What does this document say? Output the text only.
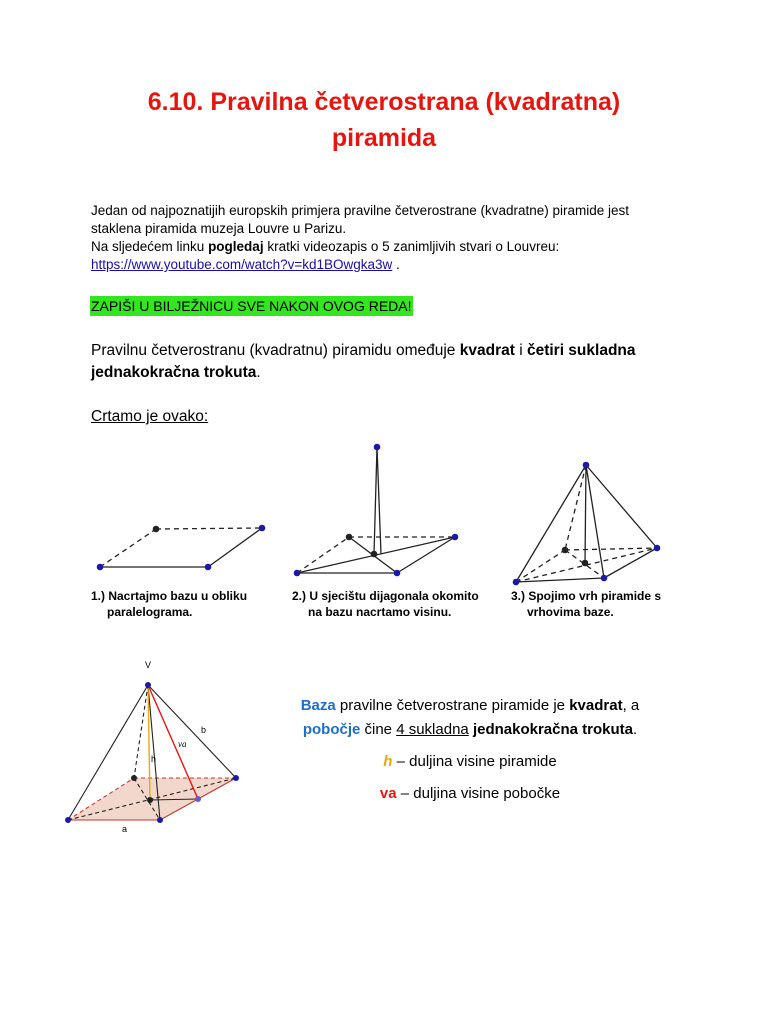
6.10. Pravilna četverostrana (kvadratna)
piramida
Jedan od najpoznatijih europskih primjera pravilne četverostrane (kvadratne) piramide jest
staklena piramida muzeja Louvre u Parizu.
Na sljedećem linku pogledaj kratki videozapis o 5 zanimljivih stvari o Louvreu:
https://www.youtube.com/watch?v=kd1BOwgka3w .
ZAPIŠI U BILJEŽNICU SVE NAKON OVOG REDA!
Pravilnu četverostranu (kvadratnu) piramidu omeđuje kvadrat i četiri sukladna jednakokračna trokuta.
Crtamo je ovako:
1.) Nacrtajmo bazu u obliku
paralelograma.
2.) U sjecištu dijagonala okomito
na bazu nacrtamo visinu.
3.) Spojimo vrh piramide s
vrhovima baze.
V
b
h
va
a
Baza pravilne četverostrane piramide je kvadrat, a
pobočje čine 4 sukladna jednakokračna trokuta.
h – duljina visine piramide
va – duljina visine pobočke
